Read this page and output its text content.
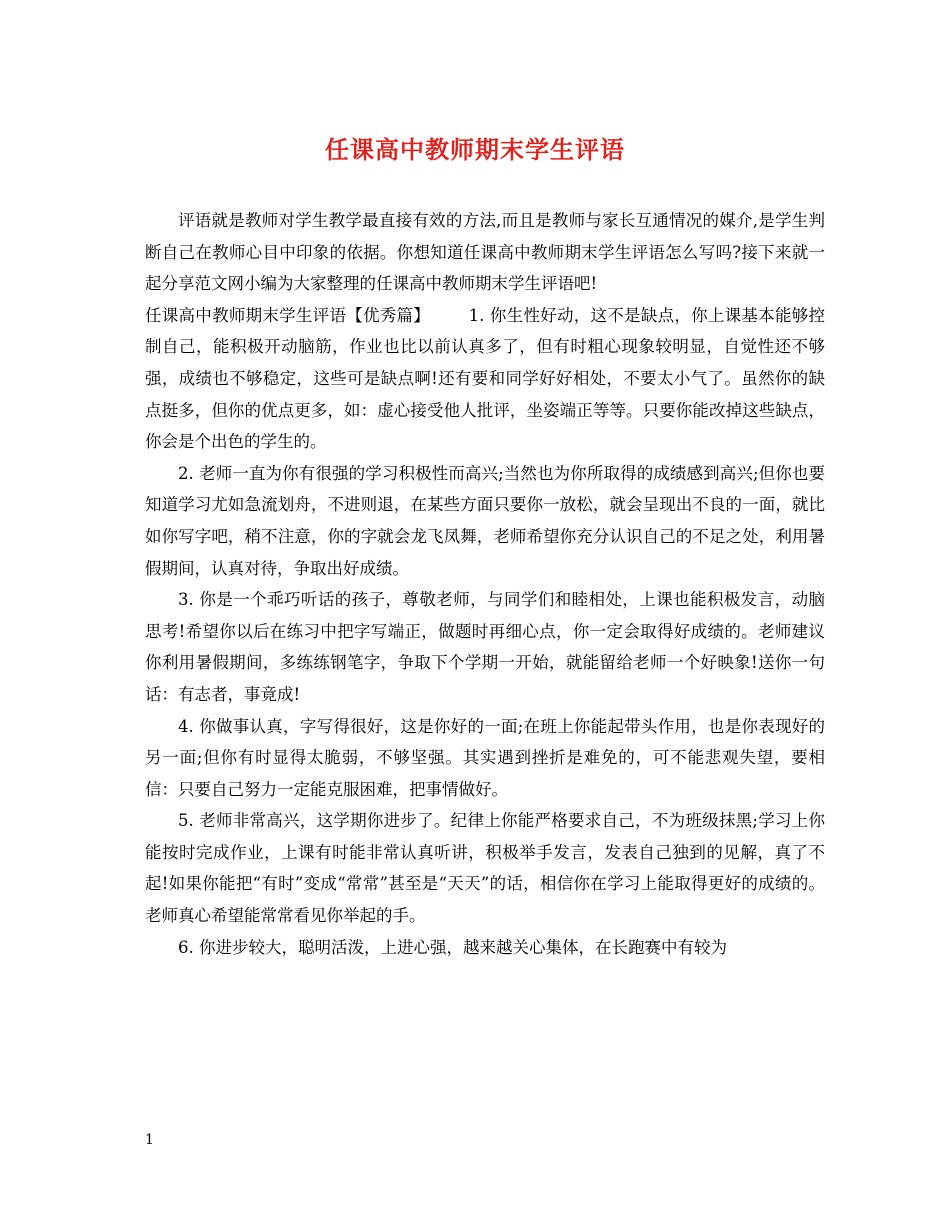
任课高中教师期末学生评语

评语就是教师对学生教学最直接有效的方法,而且是教师与家长互通情况的媒介,是学生判断自己在教师心目中印象的依据。你想知道任课高中教师期末学生评语怎么写吗?接下来就一起分享范文网小编为大家整理的任课高中教师期末学生评语吧!

任课高中教师期末学生评语【优秀篇】 1. 你生性好动，这不是缺点，你上课基本能够控制自己，能积极开动脑筋，作业也比以前认真多了，但有时粗心现象较明显，自觉性还不够强，成绩也不够稳定，这些可是缺点啊!还有要和同学好好相处，不要太小气了。虽然你的缺点挺多，但你的优点更多，如：虚心接受他人批评，坐姿端正等等。只要你能改掉这些缺点，你会是个出色的学生的。

2. 老师一直为你有很强的学习积极性而高兴;当然也为你所取得的成绩感到高兴;但你也要知道学习尤如急流划舟，不进则退，在某些方面只要你一放松，就会呈现出不良的一面，就比如你写字吧，稍不注意，你的字就会龙飞凤舞，老师希望你充分认识自己的不足之处，利用暑假期间，认真对待，争取出好成绩。

3. 你是一个乖巧听话的孩子，尊敬老师，与同学们和睦相处，上课也能积极发言，动脑思考!希望你以后在练习中把字写端正，做题时再细心点，你一定会取得好成绩的。老师建议你利用暑假期间，多练练钢笔字，争取下个学期一开始，就能留给老师一个好映象!送你一句话：有志者，事竟成!

4. 你做事认真，字写得很好，这是你好的一面;在班上你能起带头作用，也是你表现好的另一面;但你有时显得太脆弱，不够坚强。其实遇到挫折是难免的，可不能悲观失望，要相信：只要自己努力一定能克服困难，把事情做好。

5. 老师非常高兴，这学期你进步了。纪律上你能严格要求自己，不为班级抹黑;学习上你能按时完成作业，上课有时能非常认真听讲，积极举手发言，发表自己独到的见解，真了不起!如果你能把“有时”变成“常常”甚至是“天天”的话，相信你在学习上能取得更好的成绩的。老师真心希望能常常看见你举起的手。

6. 你进步较大，聪明活泼，上进心强，越来越关心集体，在长跑赛中有较为

1
